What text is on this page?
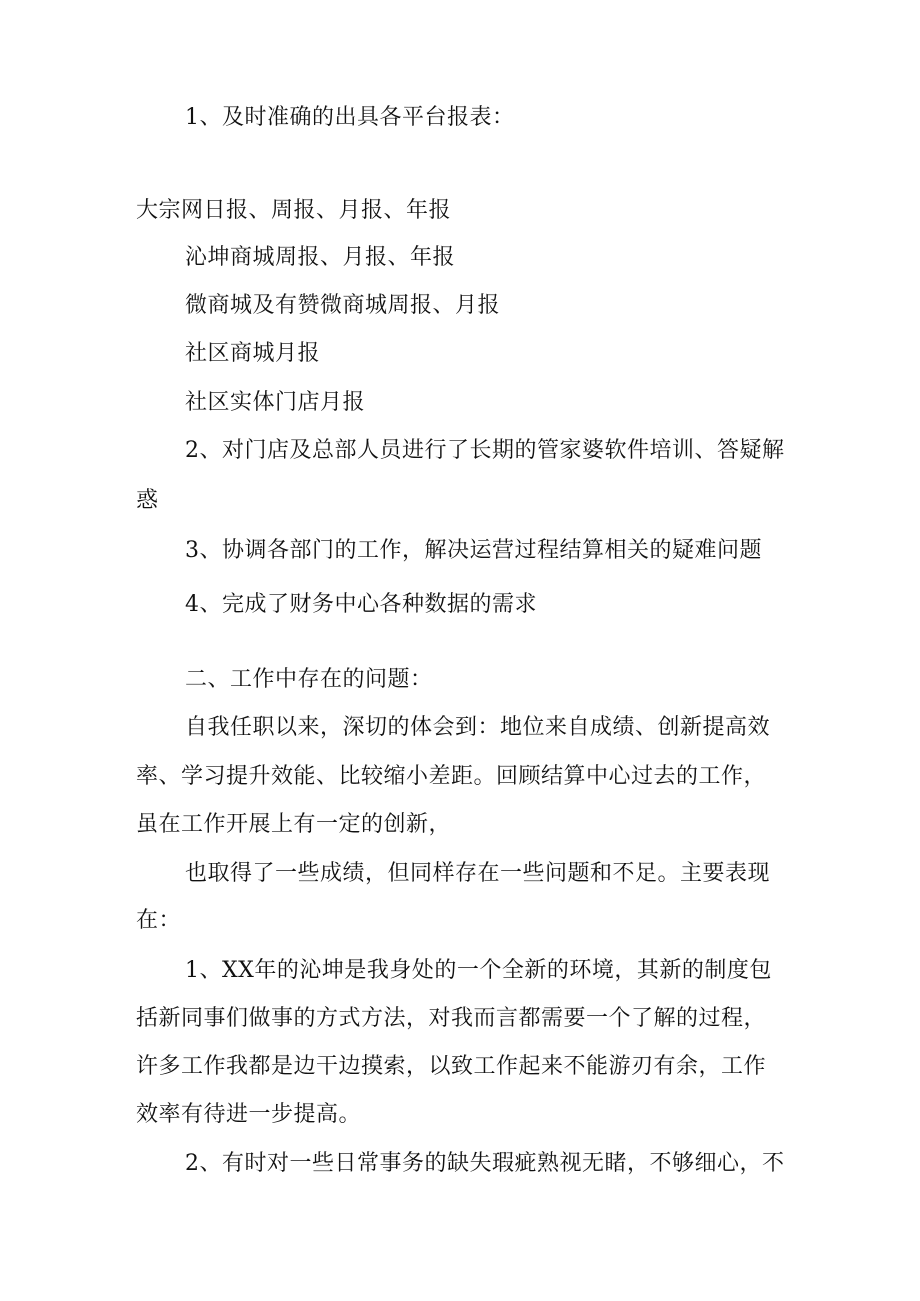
1、及时准确的出具各平台报表：
大宗网日报、周报、月报、年报
沁坤商城周报、月报、年报
微商城及有赞微商城周报、月报
社区商城月报
社区实体门店月报
2、对门店及总部人员进行了长期的管家婆软件培训、答疑解
惑
3、协调各部门的工作，解决运营过程结算相关的疑难问题
4、完成了财务中心各种数据的需求
二、工作中存在的问题：
自我任职以来，深切的体会到：地位来自成绩、创新提高效
率、学习提升效能、比较缩小差距。回顾结算中心过去的工作，
虽在工作开展上有一定的创新，
也取得了一些成绩，但同样存在一些问题和不足。主要表现
在：
1、XX年的沁坤是我身处的一个全新的环境，其新的制度包
括新同事们做事的方式方法，对我而言都需要一个了解的过程，
许多工作我都是边干边摸索，以致工作起来不能游刃有余，工作
效率有待进一步提高。
2、有时对一些日常事务的缺失瑕疵熟视无睹，不够细心，不
